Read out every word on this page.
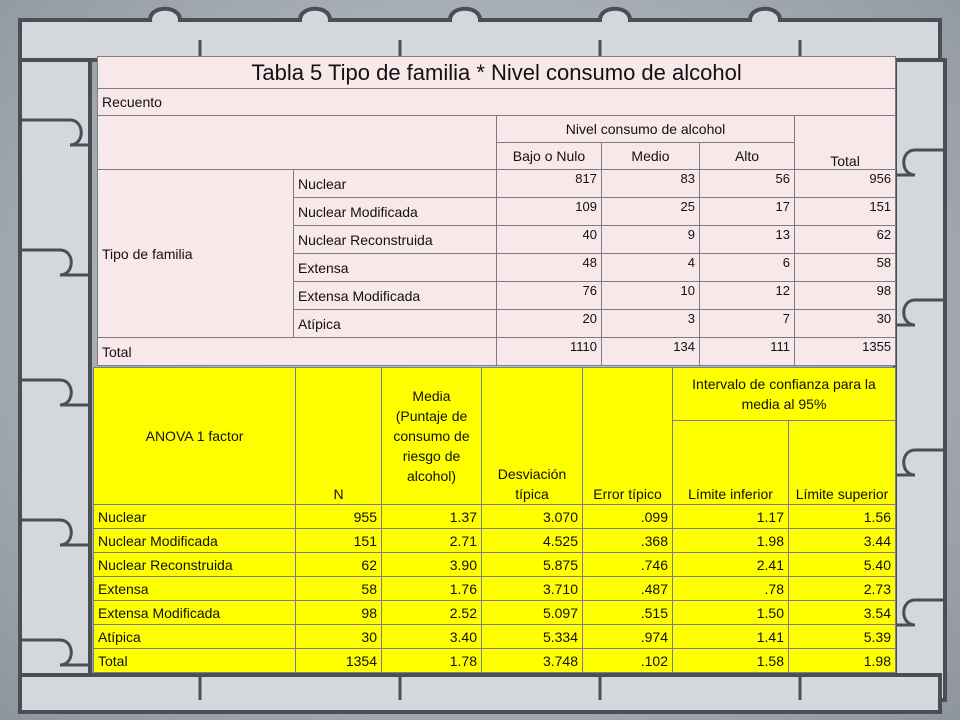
Tabla 5 Tipo de familia * Nivel consumo de alcohol					
Recuento					
		Nivel consumo de alcohol			Total
		Bajo o Nulo	Medio	Alto	
Tipo de familia	Nuclear	817	83	56	956
	Nuclear Modificada	109	25	17	151
	Nuclear Reconstruida	40	9	13	62
	Extensa	48	4	6	58
	Extensa Modificada	76	10	12	98
	Atípica	20	3	7	30
Total		1110	134	111	1355
ANOVA 1 factor	N	Media (Puntaje de consumo de riesgo de alcohol)	Desviación típica	Error típico	Intervalo de confianza para la media al 95%	
					Límite inferior	Límite superior
Nuclear	955	1.37	3.070	.099	1.17	1.56
Nuclear Modificada	151	2.71	4.525	.368	1.98	3.44
Nuclear Reconstruida	62	3.90	5.875	.746	2.41	5.40
Extensa	58	1.76	3.710	.487	.78	2.73
Extensa Modificada	98	2.52	5.097	.515	1.50	3.54
Atípica	30	3.40	5.334	.974	1.41	5.39
Total	1354	1.78	3.748	.102	1.58	1.98
